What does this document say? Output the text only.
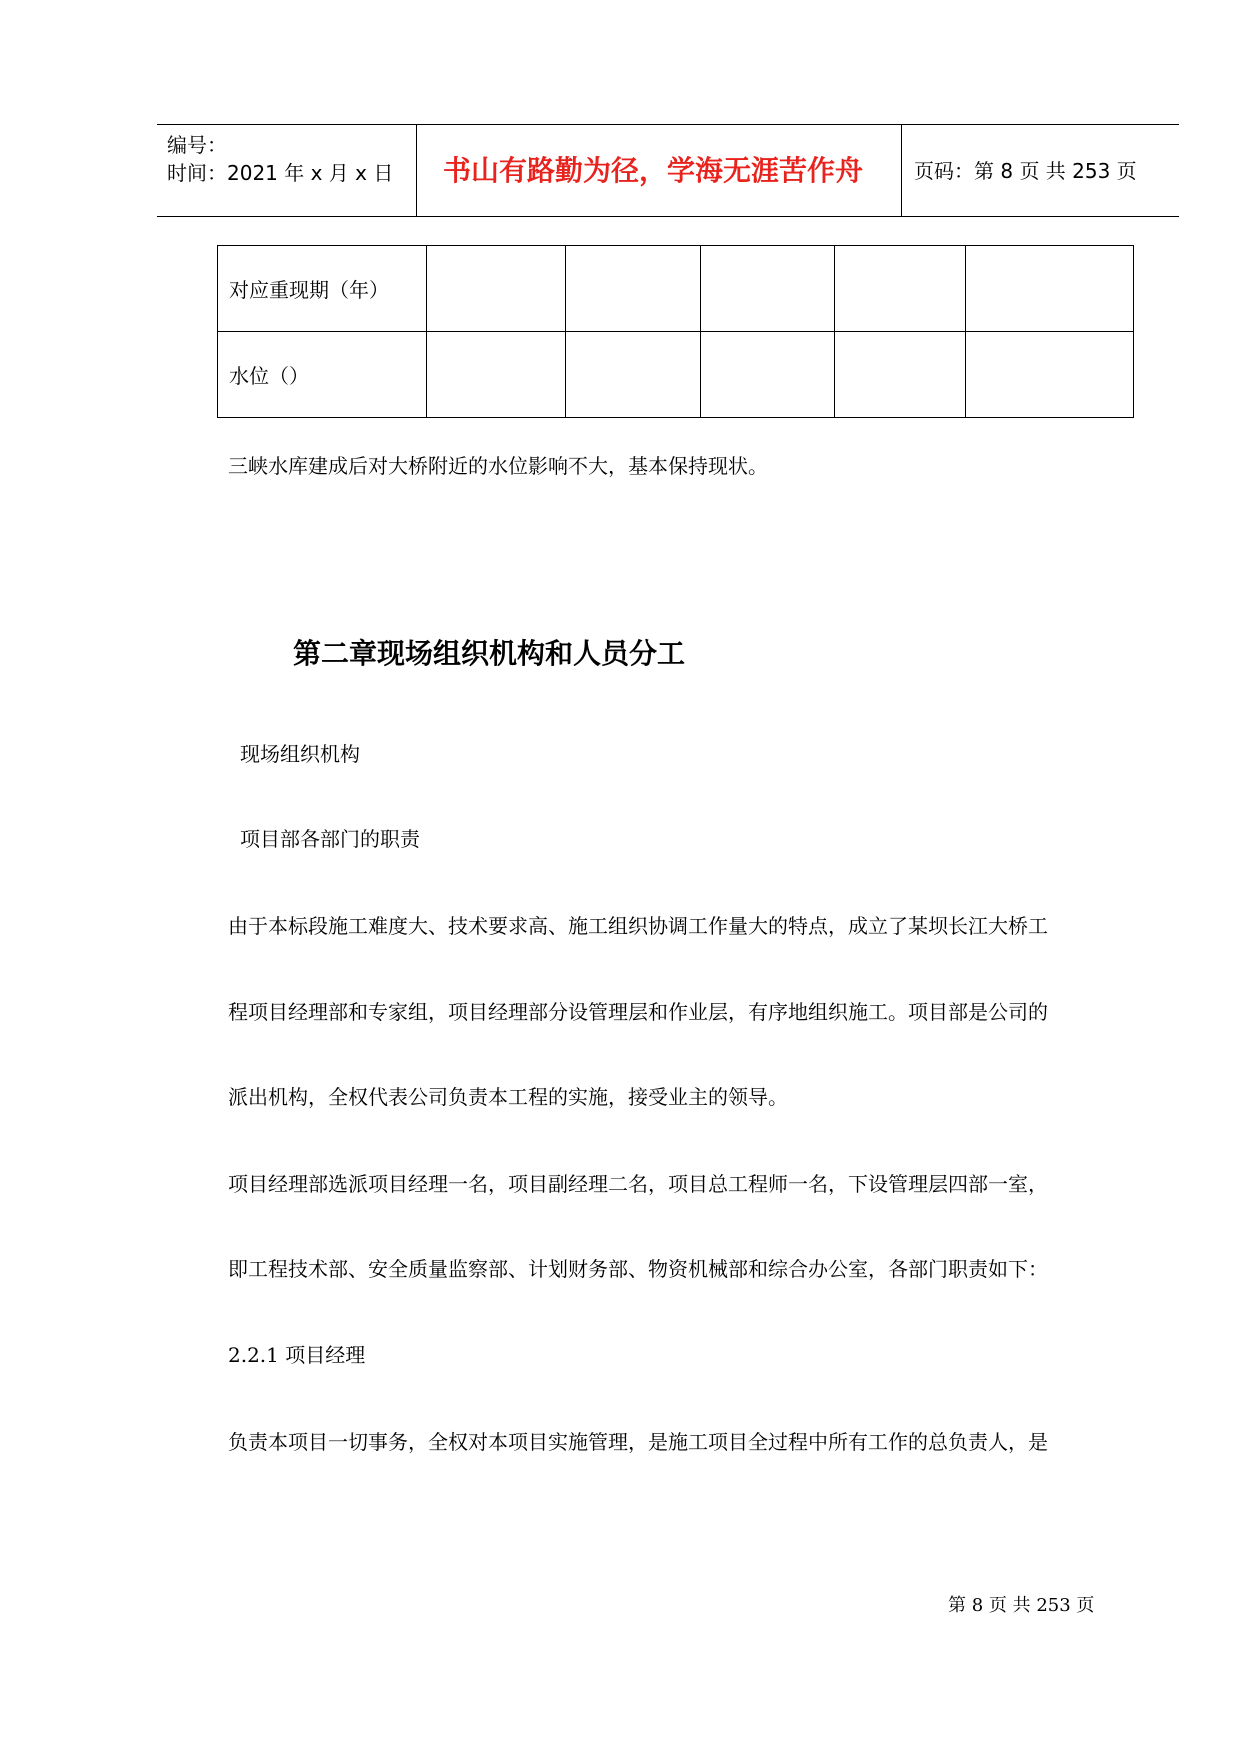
编号：
时间：2021 年 x 月 x 日 书山有路勤为径，学海无涯苦作舟	页码：第 8 页 共 253 页
对应重现期（年）					
水位（）					
三峡水库建成后对大桥附近的水位影响不大，基本保持现状。
第二章现场组织机构和人员分工
现场组织机构
项目部各部门的职责
由于本标段施工难度大、技术要求高、施工组织协调工作量大的特点，成立了某坝长江大桥工
程项目经理部和专家组，项目经理部分设管理层和作业层，有序地组织施工。项目部是公司的
派出机构，全权代表公司负责本工程的实施，接受业主的领导。
项目经理部选派项目经理一名，项目副经理二名，项目总工程师一名，下设管理层四部一室，
即工程技术部、安全质量监察部、计划财务部、物资机械部和综合办公室，各部门职责如下：
2.2.1 项目经理
负责本项目一切事务，全权对本项目实施管理，是施工项目全过程中所有工作的总负责人，是
第 8 页 共 253 页
